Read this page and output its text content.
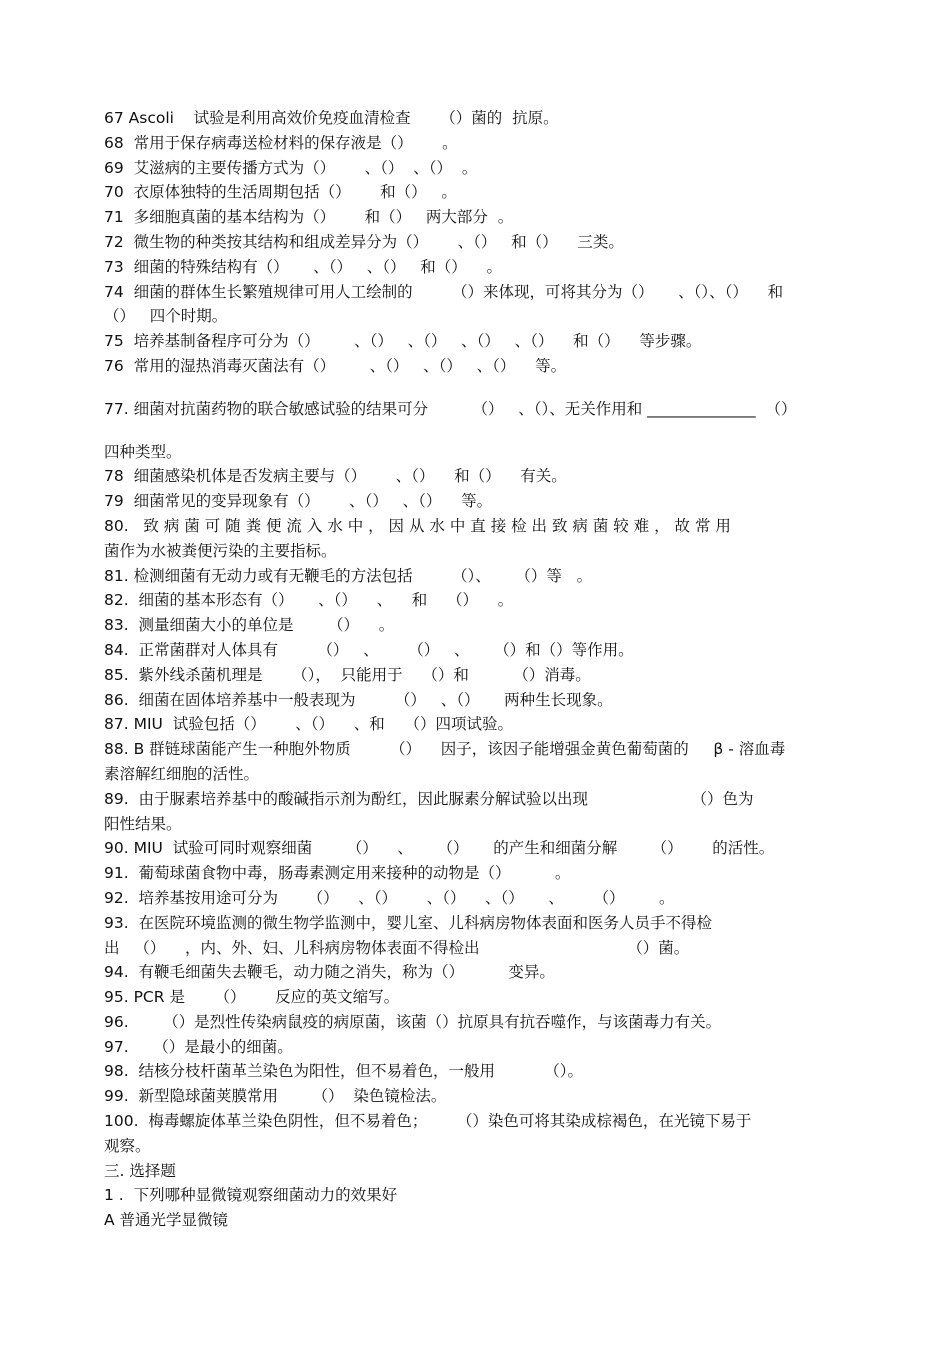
67 Ascoli    试验是利用高效价免疫血清检查      （）菌的  抗原。

68  常用于保存病毒送检材料的保存液是（）      。

69  艾滋病的主要传播方式为（）      、（）  、（）  。

70  衣原体独特的生活周期包括（）      和（）   。

71  多细胞真菌的基本结构为（）      和（）   两大部分  。

72  微生物的种类按其结构和组成差异分为（）      、（）   和（）    三类。

73  细菌的特殊结构有（）     、（）   、（）   和（）    。

74  细菌的群体生长繁殖规律可用人工绘制的        （）来体现，可将其分为（）     、（）、（）    和

（）   四个时期。

75  培养基制备程序可分为（）       、（）   、（）   、（）   、（）    和（）    等步骤。

76  常用的湿热消毒灭菌法有（）       、（）   、（）   、（）    等。

77. 细菌对抗菌药物的联合敏感试验的结果可分         （）   、（）、无关作用和 ______________  （）

四种类型。

78  细菌感染机体是否发病主要与（）      、（）    和（）    有关。

79  细菌常见的变异现象有（）      、（）   、（）    等。

80.   致 病 菌 可 随 粪 便 流 入 水 中 ， 因 从 水 中 直 接 检 出 致 病 菌 较 难 ， 故 常 用

菌作为水被粪便污染的主要指标。

81. 检测细菌有无动力或有无鞭毛的方法包括        （）、     （）等   。

82.  细菌的基本形态有（）     、（）    、    和    （）    。

83.  测量细菌大小的单位是       （）    。

84.  正常菌群对人体具有        （）   、      （）   、     （）和（）等作用。

85.  紫外线杀菌机理是      （），  只能用于    （）和         （）消毒。

86.  细菌在固体培养基中一般表现为        （）   、（）     两种生长现象。

87. MIU  试验包括（）      、（）    、和    （）四项试验。

88. B 群链球菌能产生一种胞外物质        （）    因子，该因子能增强金黄色葡萄菌的     β - 溶血毒

素溶解红细胞的活性。

89.  由于脲素培养基中的酸碱指示剂为酚红，因此脲素分解试验以出现                     （）色为

阳性结果。

90. MIU  试验可同时观察细菌       （）    、     （）     的产生和细菌分解       （）      的活性。

91.  葡萄球菌食物中毒，肠毒素测定用来接种的动物是（）         。

92.  培养基按用途可分为      （）    、（）      、（）    、（）     、      （）       。

93.  在医院环境监测的微生物学监测中，婴儿室、儿科病房物体表面和医务人员手不得检

出   （）    ，内、外、妇、儿科病房物体表面不得检出                              （）菌。

94.  有鞭毛细菌失去鞭毛，动力随之消失，称为（）         变异。

95. PCR 是      （）      反应的英文缩写。

96.       （）是烈性传染病鼠疫的病原菌，该菌（）抗原具有抗吞噬作，与该菌毒力有关。

97.     （）是最小的细菌。

98.  结核分枝杆菌革兰染色为阳性，但不易着色，一般用          （）。

99.  新型隐球菌荚膜常用       （）  染色镜检法。

100.  梅毒螺旋体革兰染色阴性，但不易着色；      （）染色可将其染成棕褐色，在光镜下易于

观察。

三. 选择题

1 .  下列哪种显微镜观察细菌动力的效果好

A 普通光学显微镜
